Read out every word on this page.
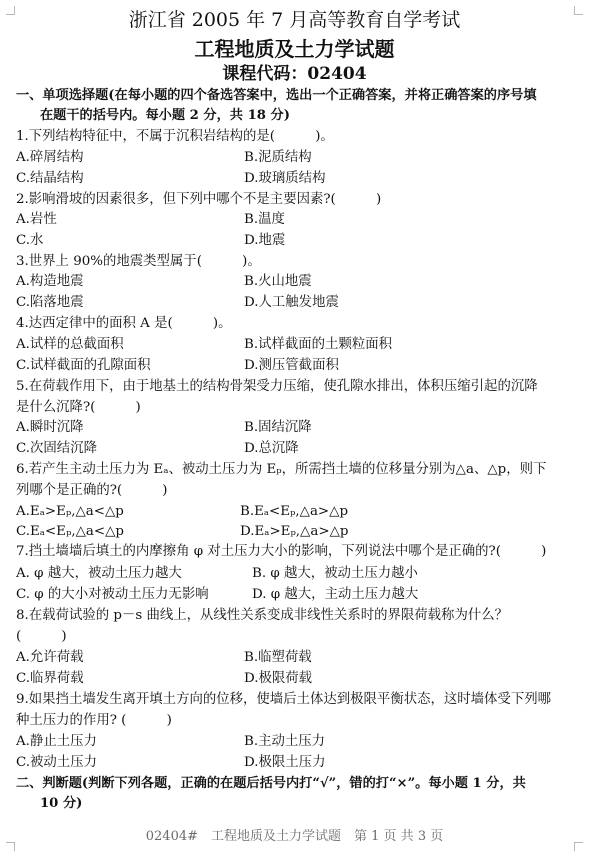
浙江省 2005 年 7 月高等教育自学考试
工程地质及土力学试题
课程代码：02404
一、单项选择题(在每小题的四个备选答案中，选出一个正确答案，并将正确答案的序号填
在题干的括号内。每小题 2 分，共 18 分)
1.下列结构特征中，不属于沉积岩结构的是(　　　)。
A.碎屑结构	B.泥质结构
C.结晶结构	D.玻璃质结构
2.影响滑坡的因素很多，但下列中哪个不是主要因素?(　　　)
A.岩性	B.温度
C.水	D.地震
3.世界上 90%的地震类型属于(　　　)。
A.构造地震	B.火山地震
C.陷落地震	D.人工触发地震
4.达西定律中的面积 A 是(　　　)。
A.试样的总截面积	B.试样截面的土颗粒面积
C.试样截面的孔隙面积	D.测压管截面积
5.在荷载作用下，由于地基土的结构骨架受力压缩，使孔隙水排出，体积压缩引起的沉降
是什么沉降?(　　　)
A.瞬时沉降	B.固结沉降
C.次固结沉降	D.总沉降
6.若产生主动土压力为 Eₐ、被动土压力为 Eₚ，所需挡土墙的位移量分别为△a、△p，则下
列哪个是正确的?(　　　)
A.Eₐ>Eₚ,△a<△p	B.Eₐ<Eₚ,△a>△p
C.Eₐ<Eₚ,△a<△p	D.Eₐ>Eₚ,△a>△p
7.挡土墙墙后填土的内摩擦角 φ 对土压力大小的影响，下列说法中哪个是正确的?(　　　)
A. φ 越大，被动土压力越大	B. φ 越大，被动土压力越小
C. φ 的大小对被动土压力无影响	D. φ 越大，主动土压力越大
8.在载荷试验的 p－s 曲线上，从线性关系变成非线性关系时的界限荷载称为什么？
(　　　)
A.允许荷载	B.临塑荷载
C.临界荷载	D.极限荷载
9.如果挡土墙发生离开填土方向的位移，使墙后土体达到极限平衡状态，这时墙体受下列哪
种土压力的作用? (　　　)
A.静止土压力	B.主动土压力
C.被动土压力	D.极限土压力
二、判断题(判断下列各题，正确的在题后括号内打“√”，错的打“×”。每小题 1 分，共
10 分)
02404#　工程地质及土力学试题　第 1 页 共 3 页
